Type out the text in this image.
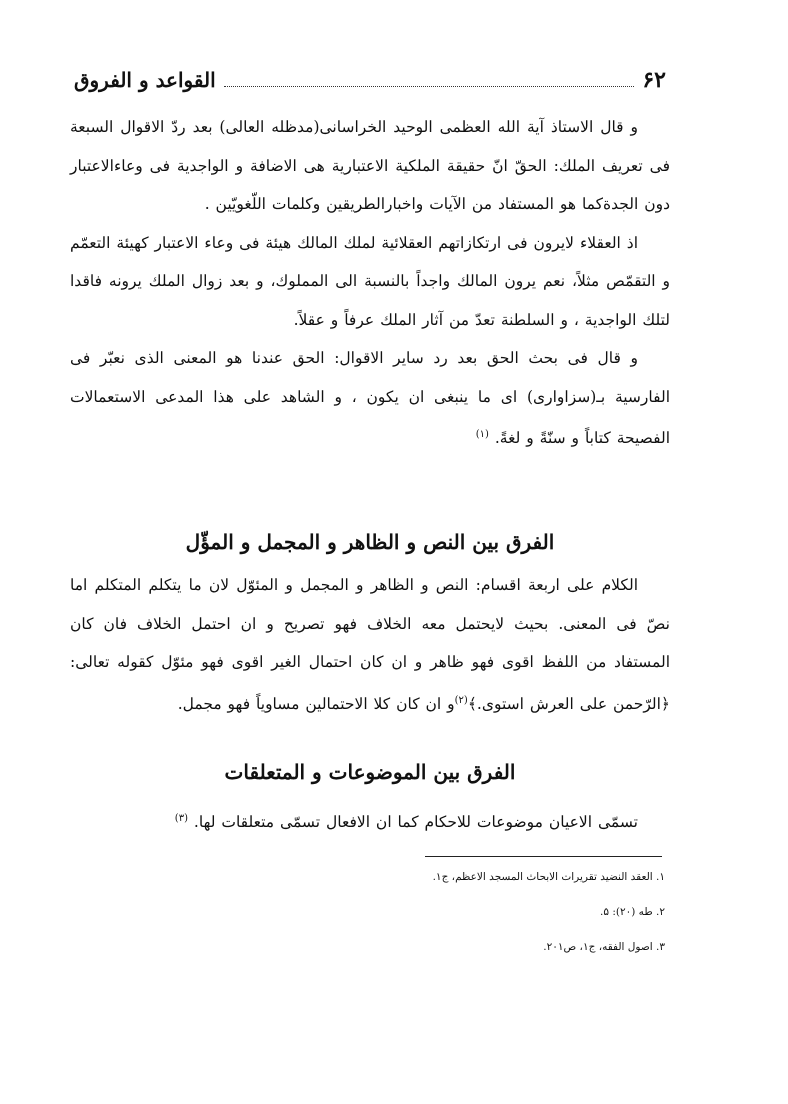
۶۲
القواعد و الفروق

و قال الاستاذ آية الله العظمى الوحيد الخراسانى(مدظله العالى) بعد ردّ الاقوال السبعة فى تعريف الملك: الحقّ انّ حقيقة الملكية الاعتبارية هى الاضافة و الواجدية فى وعاءالاعتبار دون الجدةكما هو المستفاد من الآيات واخبارالطريقين وكلمات اللّغويّين .

اذ العقلاء لايرون فى ارتكازاتهم العقلائية لملك المالك هيئة فى وعاء الاعتبار كهيئة التعمّم و التقمّص مثلاً، نعم يرون المالك واجداً بالنسبة الى المملوك، و بعد زوال الملك يرونه فاقدا لتلك الواجدية ، و السلطنة تعدّ من آثار الملك عرفاً و عقلاً.

و قال فى بحث الحق بعد رد ساير الاقوال: الحق عندنا هو المعنى الذى نعبّر فى الفارسية بـ(سزاوارى) اى ما ينبغى ان يكون ، و الشاهد على هذا المدعى الاستعمالات الفصيحة كتاباً و سنّةً و لغةً. $^{(۱)}$

الفرق بين النص و الظاهر و المجمل و المؤّل

الكلام على اربعة اقسام: النص و الظاهر و المجمل و المئوّل لان ما يتكلم المتكلم اما نصّ فى المعنى. بحيث لايحتمل معه الخلاف فهو تصريح و ان احتمل الخلاف فان كان المستفاد من اللفظ اقوى فهو ظاهر و ان كان احتمال الغير اقوى فهو مئوّل كقوله تعالى:﴿الرّحمن على العرش استوى.﴾$^{(۲)}$و ان كان كلا الاحتمالين مساوياً فهو مجمل.

الفرق بين الموضوعات و المتعلقات

تسمّى الاعيان موضوعات للاحكام كما ان الافعال تسمّى متعلقات لها. $^{(۳)}$

۱. العقد النضيد تقريرات الابحاث المسجد الاعظم، ج۱.

۲. طه (۲۰): ۵.

۳. اصول الفقه، ج۱، ص۲۰۱.
